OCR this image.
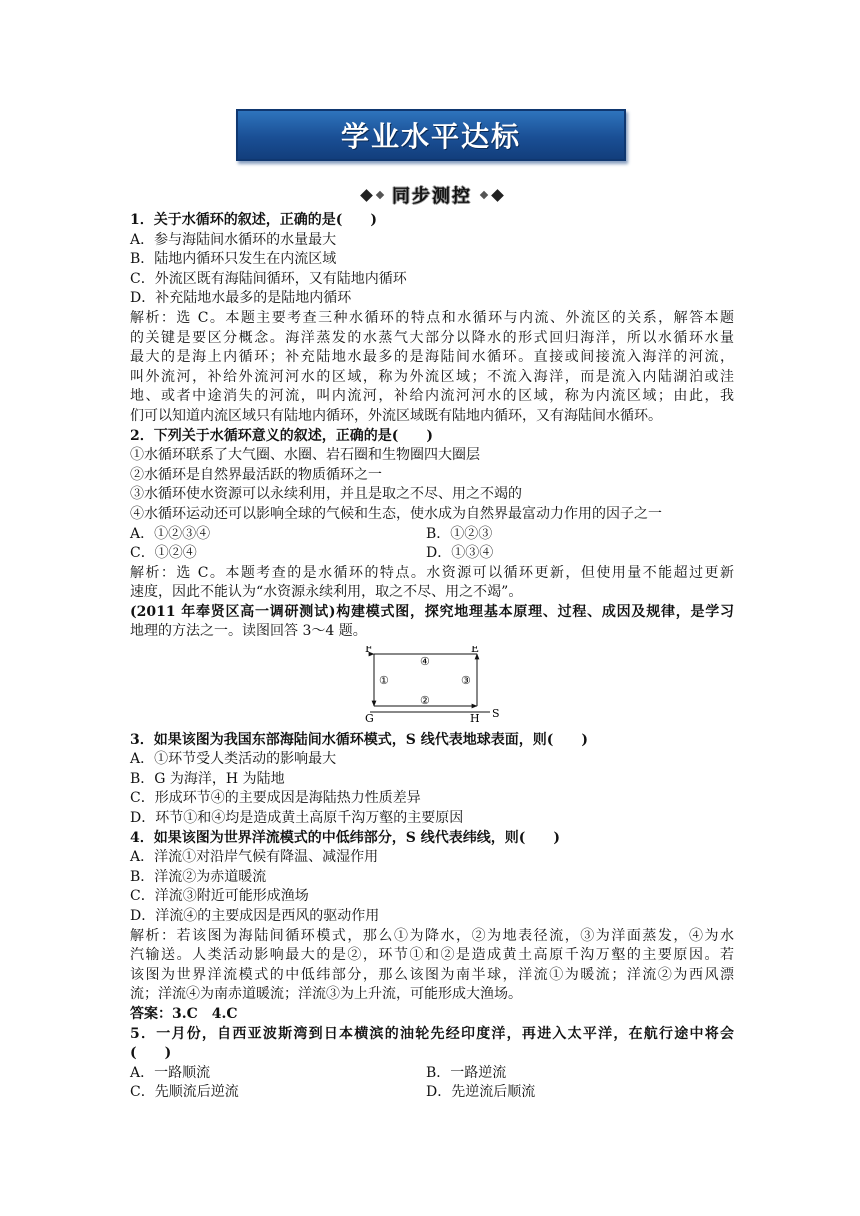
学业水平达标
同步测控
1．关于水循环的叙述，正确的是(　　)
A．参与海陆间水循环的水量最大
B．陆地内循环只发生在内流区域
C．外流区既有海陆间循环，又有陆地内循环
D．补充陆地水最多的是陆地内循环
解析：选 C。本题主要考查三种水循环的特点和水循环与内流、外流区的关系，解答本题
的关键是要区分概念。海洋蒸发的水蒸气大部分以降水的形式回归海洋，所以水循环水量
最大的是海上内循环；补充陆地水最多的是海陆间水循环。直接或间接流入海洋的河流，
叫外流河，补给外流河河水的区域，称为外流区域；不流入海洋，而是流入内陆湖泊或洼
地、或者中途消失的河流，叫内流河，补给内流河河水的区域，称为内流区域；由此，我
们可以知道内流区域只有陆地内循环，外流区域既有陆地内循环，又有海陆间水循环。
2．下列关于水循环意义的叙述，正确的是(　　)
①水循环联系了大气圈、水圈、岩石圈和生物圈四大圈层
②水循环是自然界最活跃的物质循环之一
③水循环使水资源可以永续利用，并且是取之不尽、用之不竭的
④水循环运动还可以影响全球的气候和生态，使水成为自然界最富动力作用的因子之一
A．①②③④	B．①②③
C．①②④	D．①③④
解析：选 C。本题考查的是水循环的特点。水资源可以循环更新，但使用量不能超过更新
速度，因此不能认为“水资源永续利用，取之不尽、用之不竭”。
(2011 年奉贤区高一调研测试)构建模式图，探究地理基本原理、过程、成因及规律，是学习
地理的方法之一。读图回答 3～4 题。
F	E
G	H S
①
②
③
④
3．如果该图为我国东部海陆间水循环模式，S 线代表地球表面，则(　　)
A．①环节受人类活动的影响最大
B．G 为海洋，H 为陆地
C．形成环节④的主要成因是海陆热力性质差异
D．环节①和④均是造成黄土高原千沟万壑的主要原因
4．如果该图为世界洋流模式的中低纬部分，S 线代表纬线，则(　　)
A．洋流①对沿岸气候有降温、减湿作用
B．洋流②为赤道暖流
C．洋流③附近可能形成渔场
D．洋流④的主要成因是西风的驱动作用
解析：若该图为海陆间循环模式，那么①为降水，②为地表径流，③为洋面蒸发，④为水
汽输送。人类活动影响最大的是②，环节①和②是造成黄土高原千沟万壑的主要原因。若
该图为世界洋流模式的中低纬部分，那么该图为南半球，洋流①为暖流；洋流②为西风漂
流；洋流④为南赤道暖流；洋流③为上升流，可能形成大渔场。
答案：3.C　4.C
5．一月份，自西亚波斯湾到日本横滨的油轮先经印度洋，再进入太平洋，在航行途中将会
(　　)
A．一路顺流	B．一路逆流
C．先顺流后逆流	D．先逆流后顺流
